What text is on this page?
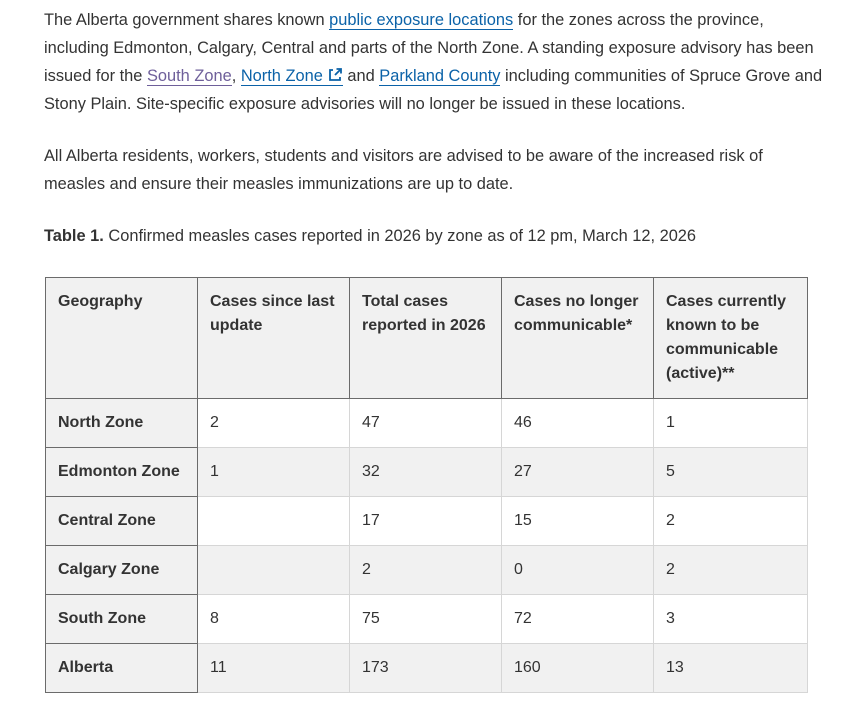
The Alberta government shares known public exposure locations for the zones across the province, including Edmonton, Calgary, Central and parts of the North Zone. A standing exposure advisory has been issued for the South Zone, North Zone and Parkland County including communities of Spruce Grove and Stony Plain. Site-specific exposure advisories will no longer be issued in these locations.

All Alberta residents, workers, students and visitors are advised to be aware of the increased risk of measles and ensure their measles immunizations are up to date.

Table 1. Confirmed measles cases reported in 2026 by zone as of 12 pm, March 12, 2026
Geography	Cases since last update	Total cases reported in 2026	Cases no longer communicable*	Cases currently known to be communicable (active)**
North Zone	2	47	46	1
Edmonton Zone	1	32	27	5
Central Zone		17	15	2
Calgary Zone		2	0	2
South Zone	8	75	72	3
Alberta	11	173	160	13
